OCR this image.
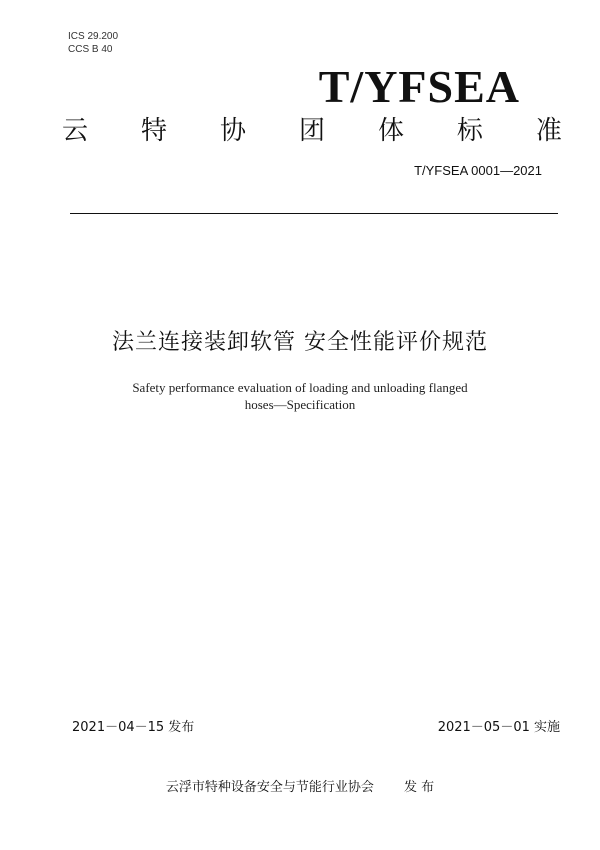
ICS 29.200
CCS B 40
T/YFSEA
云 特 协 团 体 标 准
T/YFSEA 0001—2021
法兰连接装卸软管 安全性能评价规范
Safety performance evaluation of loading and unloading flanged
hoses—Specification
2021－04－15 发布	2021－05－01 实施
云浮市特种设备安全与节能行业协会 发 布
